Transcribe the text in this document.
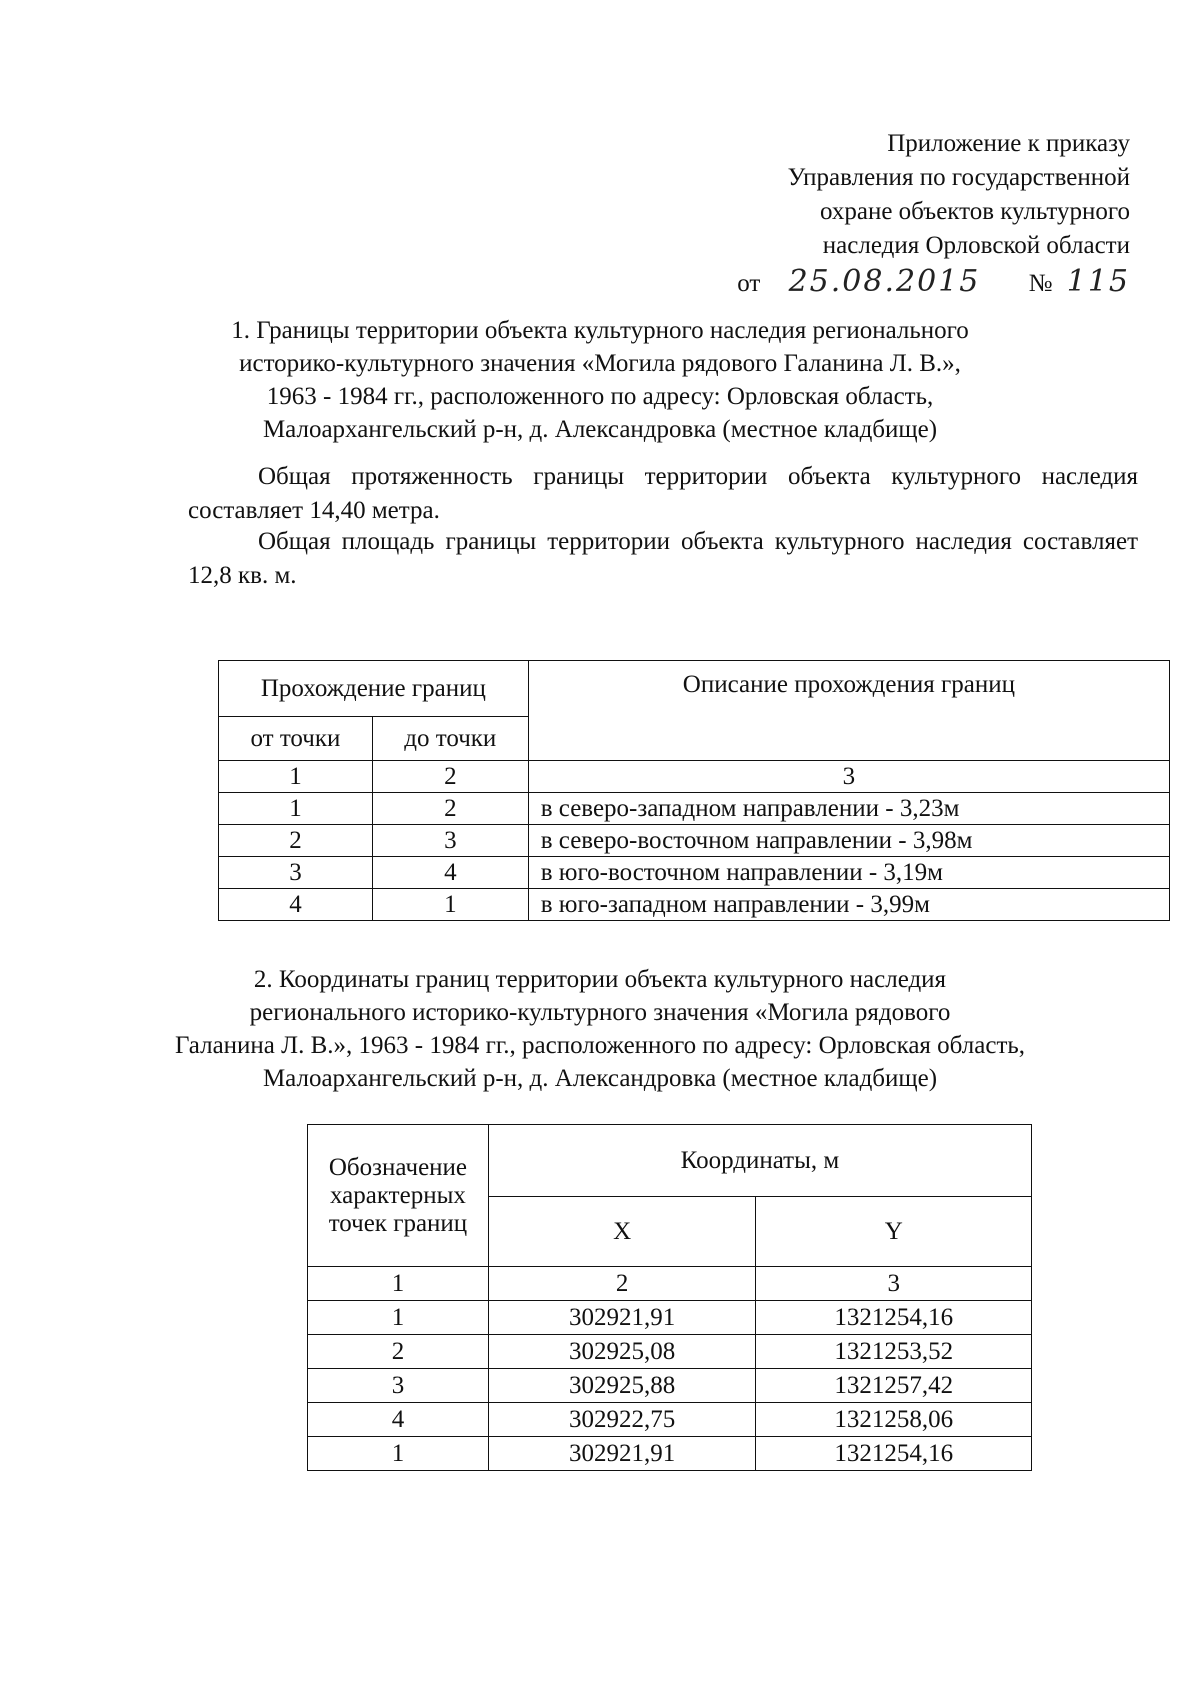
Приложение к приказу
Управления по государственной
охране объектов культурного
наследия Орловской области
от 25.08.2015 № 115
1. Границы территории объекта культурного наследия регионального
историко-культурного значения «Могила рядового Галанина Л. В.»,
1963 - 1984 гг., расположенного по адресу: Орловская область,
Малоархангельский р-н, д. Александровка (местное кладбище)
Общая протяженность границы территории объекта культурного наследия составляет 14,40 метра.
Общая площадь границы территории объекта культурного наследия составляет 12,8 кв. м.
Прохождение границ		Описание прохождения границ
от точки	до точки	
1	2	3
1	2	в северо-западном направлении - 3,23м
2	3	в северо-восточном направлении - 3,98м
3	4	в юго-восточном направлении - 3,19м
4	1	в юго-западном направлении - 3,99м
2. Координаты границ территории объекта культурного наследия
регионального историко-культурного значения «Могила рядового
Галанина Л. В.», 1963 - 1984 гг., расположенного по адресу: Орловская область,
Малоархангельский р-н, д. Александровка (местное кладбище)
Обозначение характерных точек границ	Координаты, м	
	X	Y
1	2	3
1	302921,91	1321254,16
2	302925,08	1321253,52
3	302925,88	1321257,42
4	302922,75	1321258,06
1	302921,91	1321254,16
